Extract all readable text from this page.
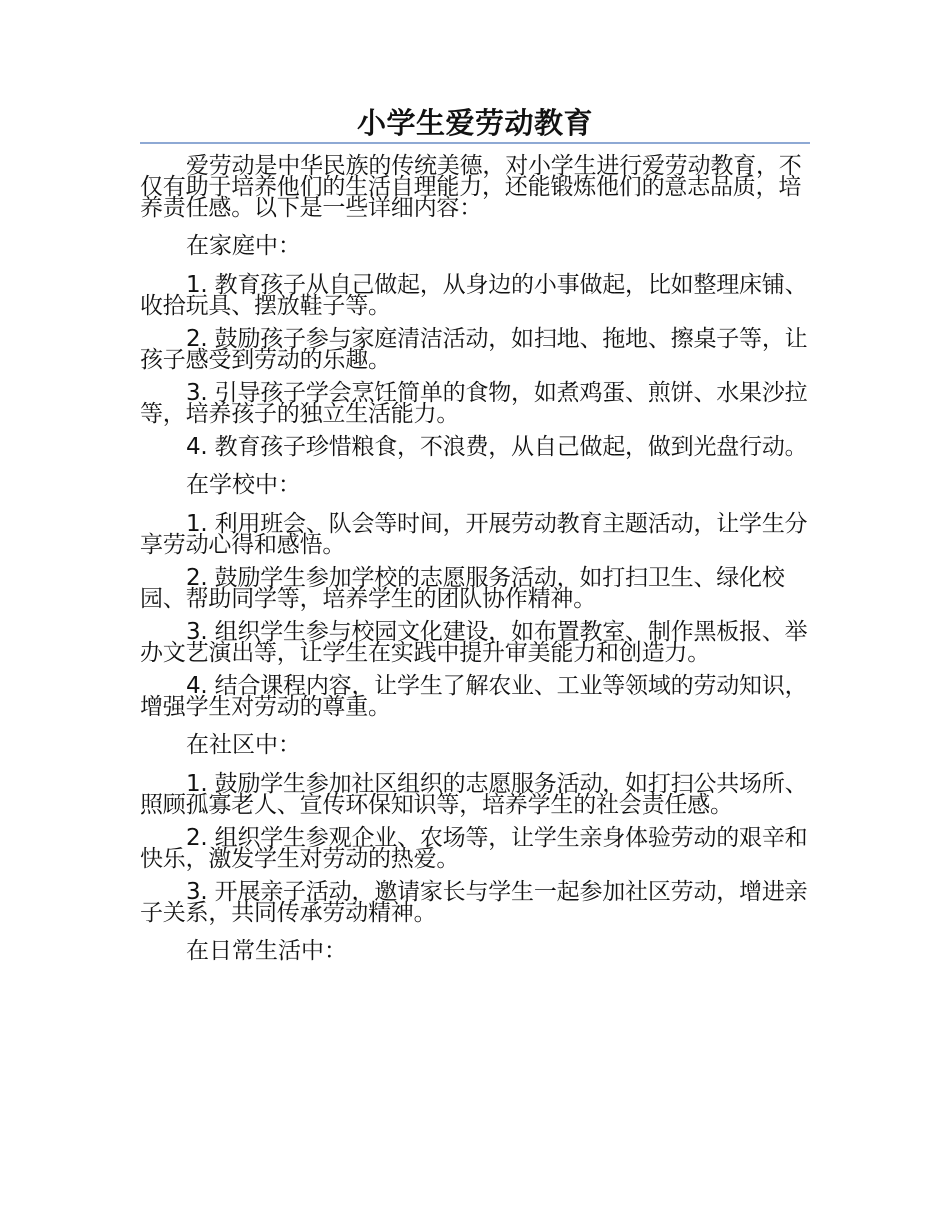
小学生爱劳动教育

爱劳动是中华民族的传统美德，对小学生进行爱劳动教育，不仅有助于培养他们的生活自理能力，还能锻炼他们的意志品质，培养责任感。以下是一些详细内容：

在家庭中：

1. 教育孩子从自己做起，从身边的小事做起，比如整理床铺、收拾玩具、摆放鞋子等。

2. 鼓励孩子参与家庭清洁活动，如扫地、拖地、擦桌子等，让孩子感受到劳动的乐趣。

3. 引导孩子学会烹饪简单的食物，如煮鸡蛋、煎饼、水果沙拉等，培养孩子的独立生活能力。

4. 教育孩子珍惜粮食，不浪费，从自己做起，做到光盘行动。

在学校中：

1. 利用班会、队会等时间，开展劳动教育主题活动，让学生分享劳动心得和感悟。

2. 鼓励学生参加学校的志愿服务活动，如打扫卫生、绿化校园、帮助同学等，培养学生的团队协作精神。

3. 组织学生参与校园文化建设，如布置教室、制作黑板报、举办文艺演出等，让学生在实践中提升审美能力和创造力。

4. 结合课程内容，让学生了解农业、工业等领域的劳动知识，增强学生对劳动的尊重。

在社区中：

1. 鼓励学生参加社区组织的志愿服务活动，如打扫公共场所、照顾孤寡老人、宣传环保知识等，培养学生的社会责任感。

2. 组织学生参观企业、农场等，让学生亲身体验劳动的艰辛和快乐，激发学生对劳动的热爱。

3. 开展亲子活动，邀请家长与学生一起参加社区劳动，增进亲子关系，共同传承劳动精神。

在日常生活中：
